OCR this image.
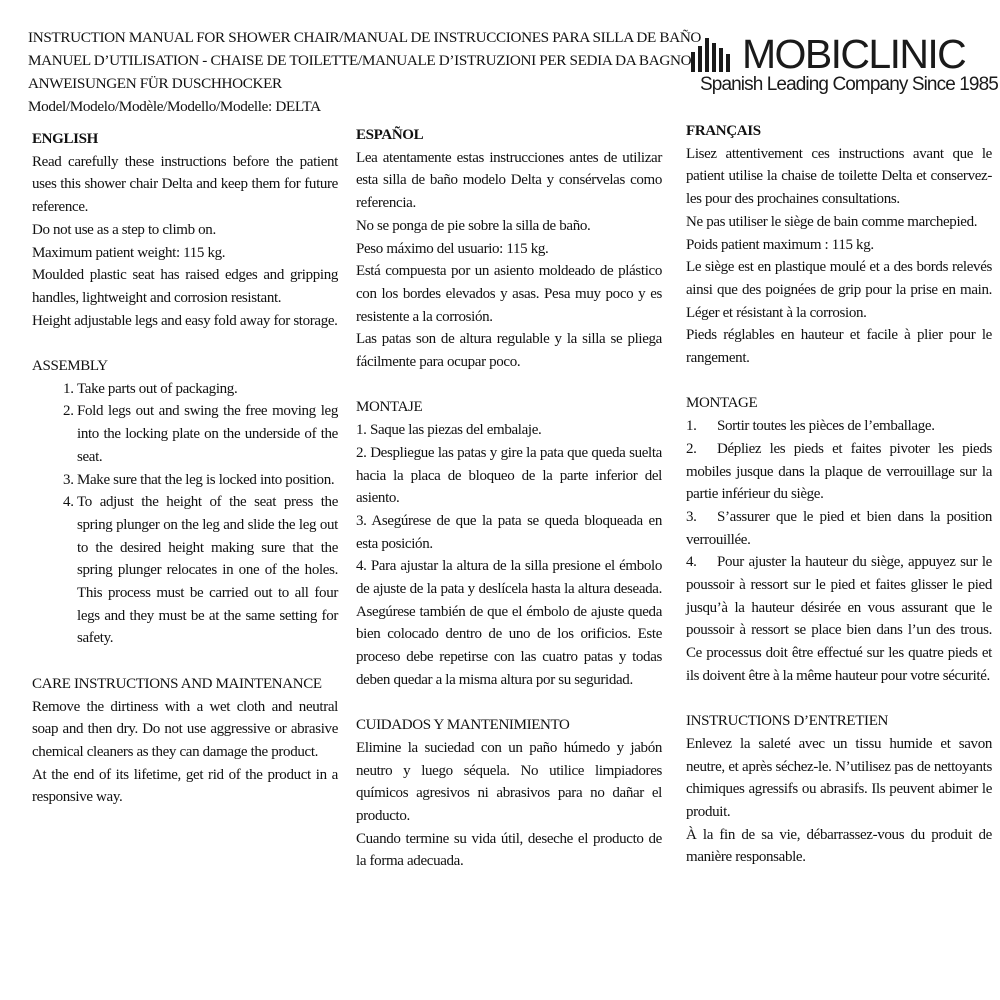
INSTRUCTION MANUAL FOR SHOWER CHAIR/MANUAL DE INSTRUCCIONES PARA SILLA DE BAÑO
MANUEL D’UTILISATION - CHAISE DE TOILETTE/MANUALE D’ISTRUZIONI PER SEDIA DA BAGNO
ANWEISUNGEN FÜR DUSCHHOCKER
Model/Modelo/Modèle/Modello/Modelle: DELTA
MOBICLINIC
Spanish Leading Company Since 1985

ENGLISH

Read carefully these instructions before the patient uses this shower chair Delta and keep them for future reference.

Do not use as a step to climb on.

Maximum patient weight: 115 kg.

Moulded plastic seat has raised edges and gripping handles, lightweight and corrosion resistant.

Height adjustable legs and easy fold away for storage.

ASSEMBLY

1. Take parts out of packaging.
2. Fold legs out and swing the free moving leg into the locking plate on the underside of the seat.
3. Make sure that the leg is locked into position.
4. To adjust the height of the seat press the spring plunger on the leg and slide the leg out to the desired height making sure that the spring plunger relocates in one of the holes. This process must be carried out to all four legs and they must be at the same setting for safety.

CARE INSTRUCTIONS AND MAINTENANCE

Remove the dirtiness with a wet cloth and neutral soap and then dry. Do not use aggressive or abrasive chemical cleaners as they can damage the product.

At the end of its lifetime, get rid of the product in a responsive way.

ESPAÑOL

Lea atentamente estas instrucciones antes de utilizar esta silla de baño modelo Delta y consérvelas como referencia.

No se ponga de pie sobre la silla de baño.

Peso máximo del usuario: 115 kg.

Está compuesta por un asiento moldeado de plástico con los bordes elevados y asas. Pesa muy poco y es resistente a la corrosión.

Las patas son de altura regulable y la silla se pliega fácilmente para ocupar poco.

MONTAJE

1. Saque las piezas del embalaje.

2. Despliegue las patas y gire la pata que queda suelta hacia la placa de bloqueo de la parte inferior del asiento.

3. Asegúrese de que la pata se queda bloqueada en esta posición.

4. Para ajustar la altura de la silla presione el émbolo de ajuste de la pata y deslícela hasta la altura deseada. Asegúrese también de que el émbolo de ajuste queda bien colocado dentro de uno de los orificios. Este proceso debe repetirse con las cuatro patas y todas deben quedar a la misma altura por su seguridad.

CUIDADOS Y MANTENIMIENTO

Elimine la suciedad con un paño húmedo y jabón neutro y luego séquela. No utilice limpiadores químicos agresivos ni abrasivos para no dañar el producto.

Cuando termine su vida útil, deseche el producto de la forma adecuada.

FRANÇAIS

Lisez attentivement ces instructions avant que le patient utilise la chaise de toilette Delta et conservez-les pour des prochaines consultations.

Ne pas utiliser le siège de bain comme marchepied.

Poids patient maximum : 115 kg.

Le siège est en plastique moulé et a des bords relevés ainsi que des poignées de grip pour la prise en main. Léger et résistant à la corrosion.

Pieds réglables en hauteur et facile à plier pour le rangement.

MONTAGE

1. Sortir toutes les pièces de l’emballage.

2. Dépliez les pieds et faites pivoter les pieds mobiles jusque dans la plaque de verrouillage sur la partie inférieur du siège.

3. S’assurer que le pied et bien dans la position verrouillée.

4. Pour ajuster la hauteur du siège, appuyez sur le poussoir à ressort sur le pied et faites glisser le pied jusqu’à la hauteur désirée en vous assurant que le poussoir à ressort se place bien dans l’un des trous. Ce processus doit être effectué sur les quatre pieds et ils doivent être à la même hauteur pour votre sécurité.

INSTRUCTIONS D’ENTRETIEN

Enlevez la saleté avec un tissu humide et savon neutre, et après séchez-le. N’utilisez pas de nettoyants chimiques agressifs ou abrasifs. Ils peuvent abimer le produit.

À la fin de sa vie, débarrassez-vous du produit de manière responsable.
